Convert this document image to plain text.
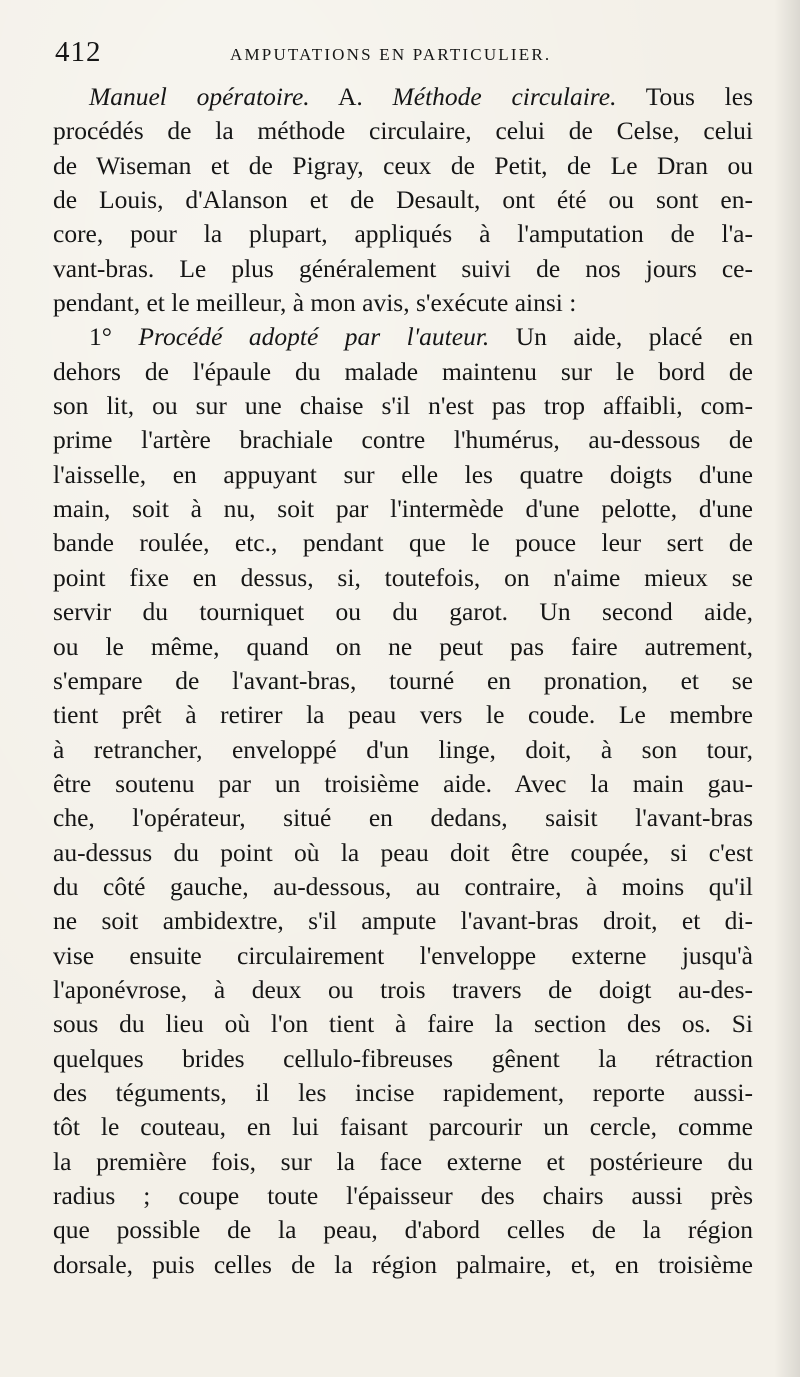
412	AMPUTATIONS EN PARTICULIER.
Manuel opératoire. A. Méthode circulaire. Tous les
procédés de la méthode circulaire, celui de Celse, celui
de Wiseman et de Pigray, ceux de Petit, de Le Dran ou
de Louis, d'Alanson et de Desault, ont été ou sont en-
core, pour la plupart, appliqués à l'amputation de l'a-
vant-bras. Le plus généralement suivi de nos jours ce-
pendant, et le meilleur, à mon avis, s'exécute ainsi :
1° Procédé adopté par l'auteur. Un aide, placé en
dehors de l'épaule du malade maintenu sur le bord de
son lit, ou sur une chaise s'il n'est pas trop affaibli, com-
prime l'artère brachiale contre l'humérus, au-dessous de
l'aisselle, en appuyant sur elle les quatre doigts d'une
main, soit à nu, soit par l'intermède d'une pelotte, d'une
bande roulée, etc., pendant que le pouce leur sert de
point fixe en dessus, si, toutefois, on n'aime mieux se
servir du tourniquet ou du garot. Un second aide,
ou le même, quand on ne peut pas faire autrement,
s'empare de l'avant-bras, tourné en pronation, et se
tient prêt à retirer la peau vers le coude. Le membre
à retrancher, enveloppé d'un linge, doit, à son tour,
être soutenu par un troisième aide. Avec la main gau-
che, l'opérateur, situé en dedans, saisit l'avant-bras
au-dessus du point où la peau doit être coupée, si c'est
du côté gauche, au-dessous, au contraire, à moins qu'il
ne soit ambidextre, s'il ampute l'avant-bras droit, et di-
vise ensuite circulairement l'enveloppe externe jusqu'à
l'aponévrose, à deux ou trois travers de doigt au-des-
sous du lieu où l'on tient à faire la section des os. Si
quelques brides cellulo-fibreuses gênent la rétraction
des téguments, il les incise rapidement, reporte aussi-
tôt le couteau, en lui faisant parcourir un cercle, comme
la première fois, sur la face externe et postérieure du
radius ; coupe toute l'épaisseur des chairs aussi près
que possible de la peau, d'abord celles de la région
dorsale, puis celles de la région palmaire, et, en troisième
